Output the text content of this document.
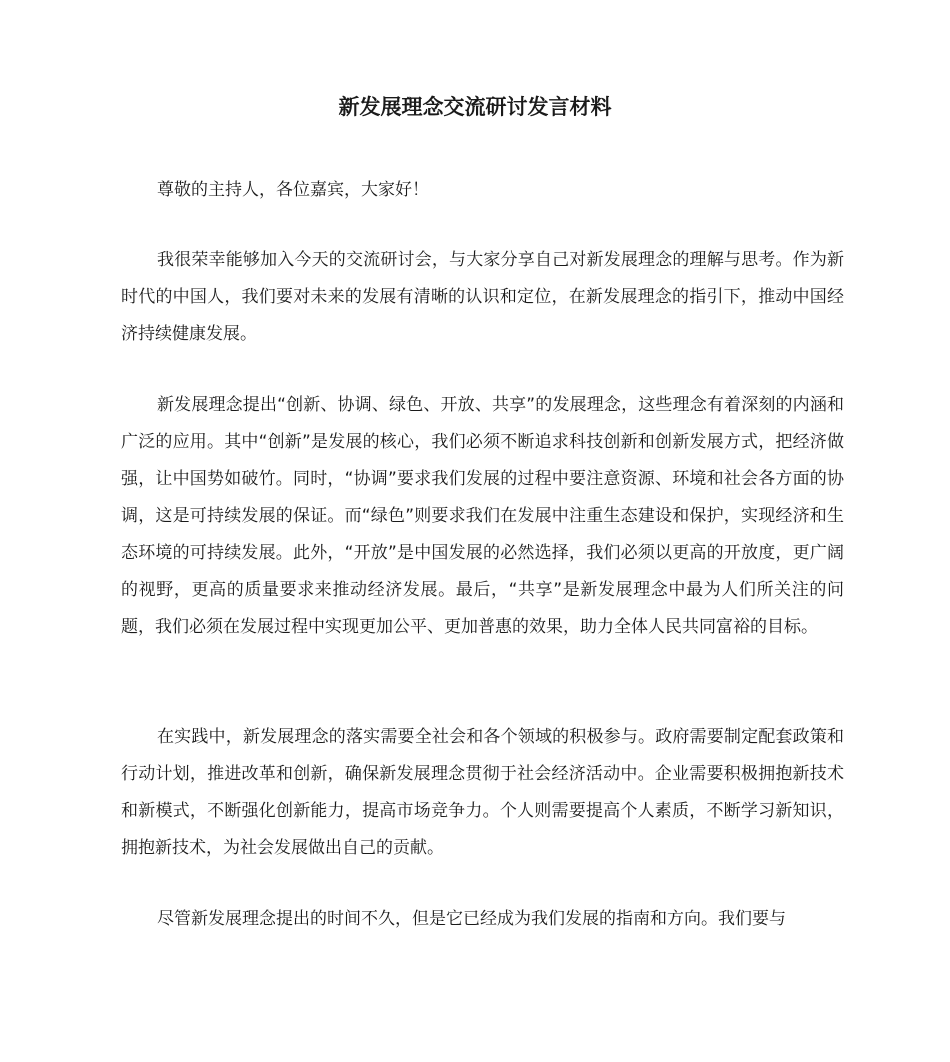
新发展理念交流研讨发言材料

尊敬的主持人，各位嘉宾，大家好！

我很荣幸能够加入今天的交流研讨会，与大家分享自己对新发展理念的理解与思考。作为新时代的中国人，我们要对未来的发展有清晰的认识和定位，在新发展理念的指引下，推动中国经济持续健康发展。

新发展理念提出“创新、协调、绿色、开放、共享”的发展理念，这些理念有着深刻的内涵和广泛的应用。其中“创新”是发展的核心，我们必须不断追求科技创新和创新发展方式，把经济做强，让中国势如破竹。同时，“协调”要求我们发展的过程中要注意资源、环境和社会各方面的协调，这是可持续发展的保证。而“绿色”则要求我们在发展中注重生态建设和保护，实现经济和生态环境的可持续发展。此外，“开放”是中国发展的必然选择，我们必须以更高的开放度，更广阔的视野，更高的质量要求来推动经济发展。最后，“共享”是新发展理念中最为人们所关注的问题，我们必须在发展过程中实现更加公平、更加普惠的效果，助力全体人民共同富裕的目标。

在实践中，新发展理念的落实需要全社会和各个领域的积极参与。政府需要制定配套政策和行动计划，推进改革和创新，确保新发展理念贯彻于社会经济活动中。企业需要积极拥抱新技术和新模式，不断强化创新能力，提高市场竞争力。个人则需要提高个人素质，不断学习新知识，拥抱新技术，为社会发展做出自己的贡献。

尽管新发展理念提出的时间不久，但是它已经成为我们发展的指南和方向。我们要与
